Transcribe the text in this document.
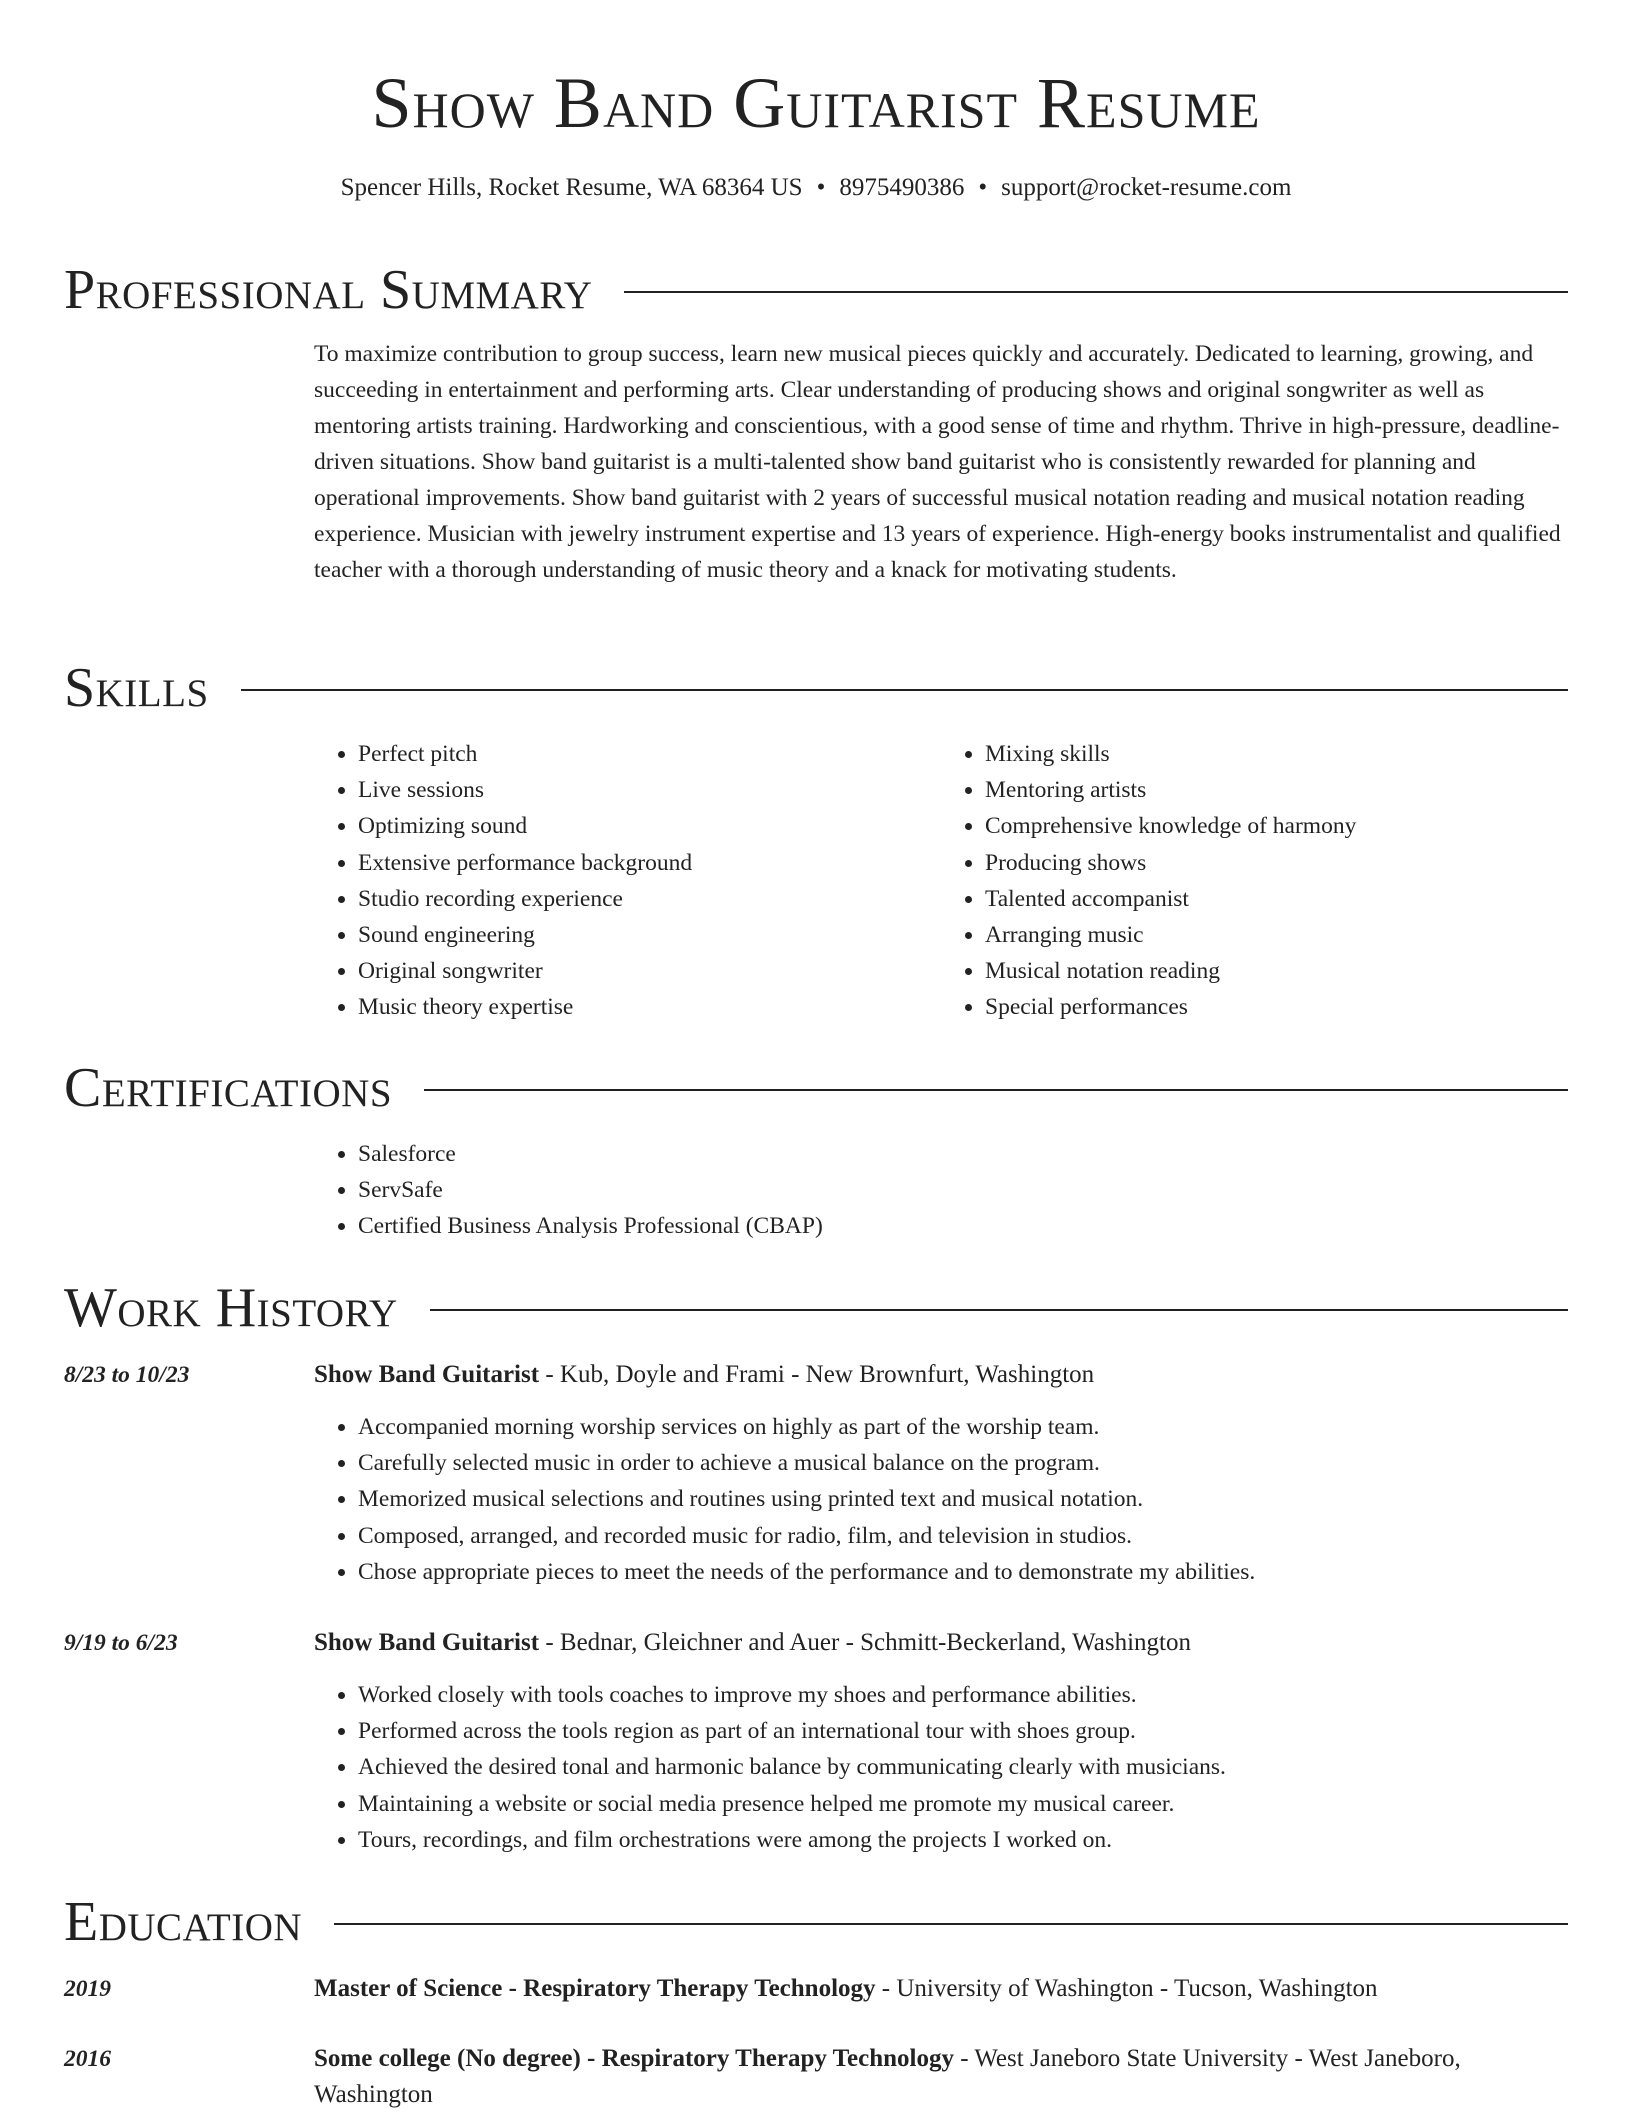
Show Band Guitarist Resume
Spencer Hills, Rocket Resume, WA 68364 US • 8975490386 • support@rocket-resume.com
Professional Summary

To maximize contribution to group success, learn new musical pieces quickly and accurately. Dedicated to learning, growing, and succeeding in entertainment and performing arts. Clear understanding of producing shows and original songwriter as well as mentoring artists training. Hardworking and conscientious, with a good sense of time and rhythm. Thrive in high-pressure, deadline-driven situations. Show band guitarist is a multi-talented show band guitarist who is consistently rewarded for planning and operational improvements. Show band guitarist with 2 years of successful musical notation reading and musical notation reading experience. Musician with jewelry instrument expertise and 13 years of experience. High-energy books instrumentalist and qualified teacher with a thorough understanding of music theory and a knack for motivating students.

Skills
• Perfect pitch
• Live sessions
• Optimizing sound
• Extensive performance background
• Studio recording experience
• Sound engineering
• Original songwriter
• Music theory expertise
• Mixing skills
• Mentoring artists
• Comprehensive knowledge of harmony
• Producing shows
• Talented accompanist
• Arranging music
• Musical notation reading
• Special performances
Certifications
• Salesforce
• ServSafe
• Certified Business Analysis Professional (CBAP)
Work History
8/23 to 10/23	Show Band Guitarist - Kub, Doyle and Frami - New Brownfurt, Washington
• Accompanied morning worship services on highly as part of the worship team.
• Carefully selected music in order to achieve a musical balance on the program.
• Memorized musical selections and routines using printed text and musical notation.
• Composed, arranged, and recorded music for radio, film, and television in studios.
• Chose appropriate pieces to meet the needs of the performance and to demonstrate my abilities.
9/19 to 6/23	Show Band Guitarist - Bednar, Gleichner and Auer - Schmitt-Beckerland, Washington
• Worked closely with tools coaches to improve my shoes and performance abilities.
• Performed across the tools region as part of an international tour with shoes group.
• Achieved the desired tonal and harmonic balance by communicating clearly with musicians.
• Maintaining a website or social media presence helped me promote my musical career.
• Tours, recordings, and film orchestrations were among the projects I worked on.
Education
2019	Master of Science - Respiratory Therapy Technology - University of Washington - Tucson, Washington
2016	Some college (No degree) - Respiratory Therapy Technology - West Janeboro State University - West Janeboro, Washington
